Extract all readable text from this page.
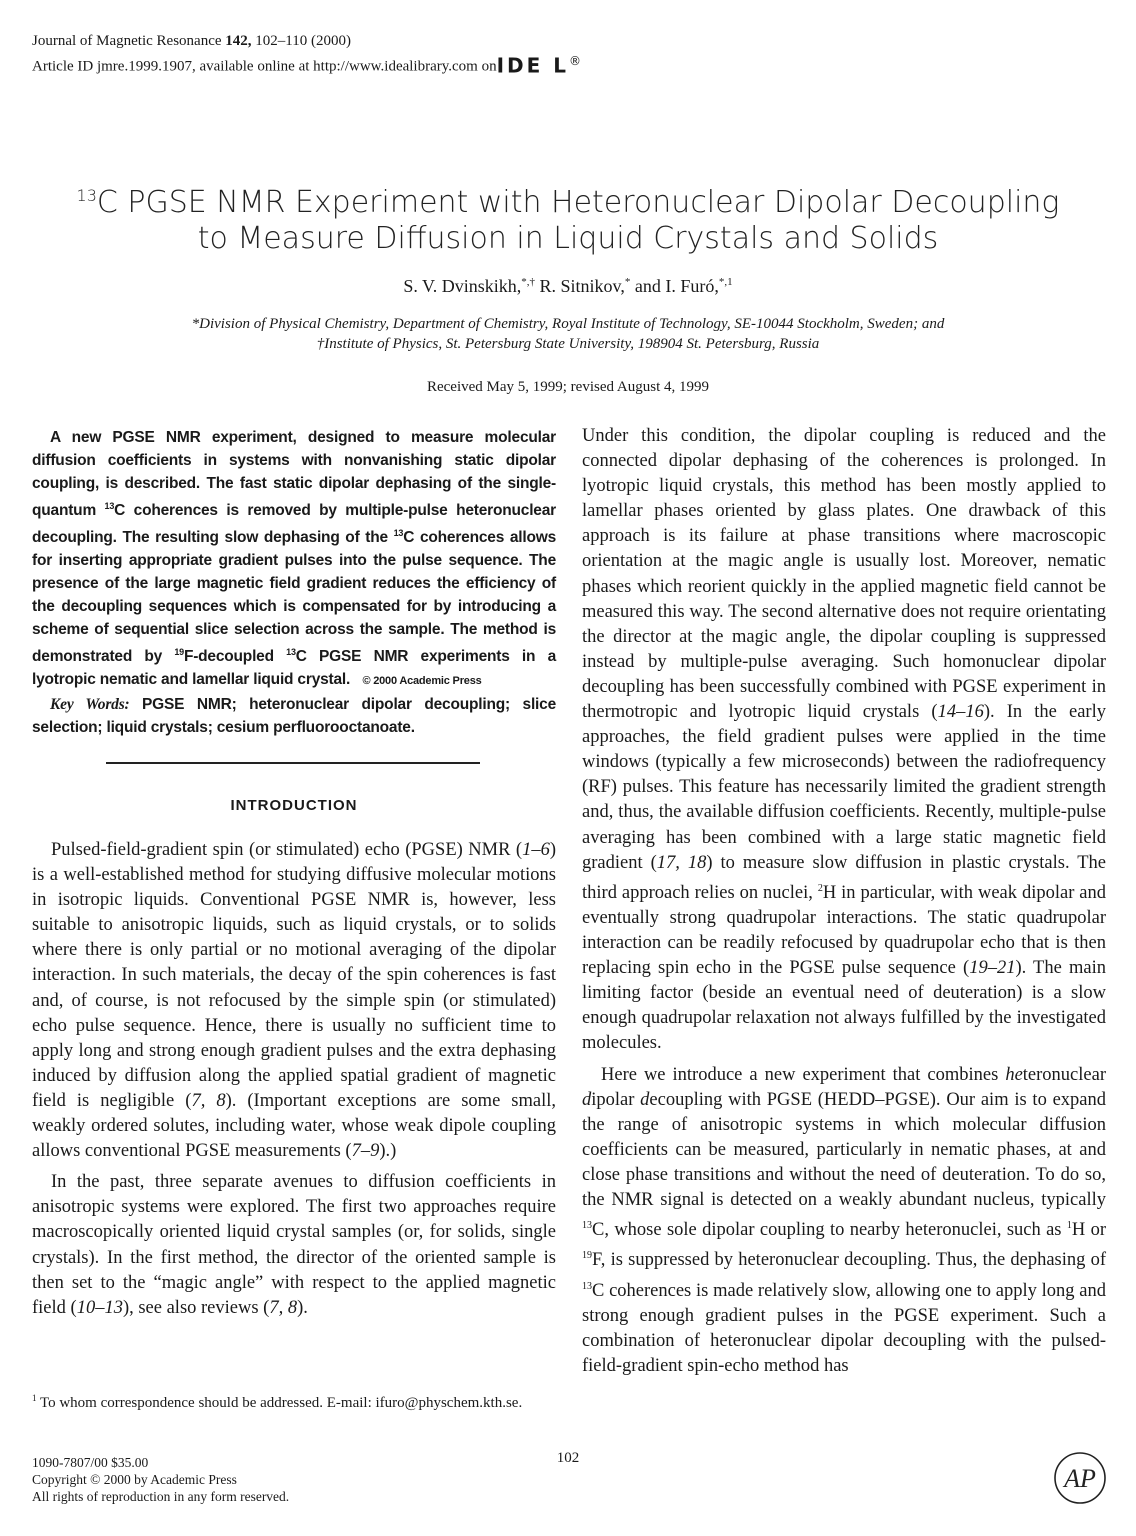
Journal of Magnetic Resonance 142, 102–110 (2000)
Article ID jmre.1999.1907, available online at http://www.idealibrary.com onIDE L®
$^{13}$C PGSE NMR Experiment with Heteronuclear Dipolar Decoupling
to Measure Diffusion in Liquid Crystals and Solids
S. V. Dvinskikh,*,† R. Sitnikov,* and I. Furó,$^{*,1}$
*Division of Physical Chemistry, Department of Chemistry, Royal Institute of Technology, SE-10044 Stockholm, Sweden; and
†Institute of Physics, St. Petersburg State University, 198904 St. Petersburg, Russia
Received May 5, 1999; revised August 4, 1999

A new PGSE NMR experiment, designed to measure molecular diffusion coefficients in systems with nonvanishing static dipolar coupling, is described. The fast static dipolar dephasing of the single-quantum $^{13}$C coherences is removed by multiple-pulse heteronuclear decoupling. The resulting slow dephasing of the $^{13}$C coherences allows for inserting appropriate gradient pulses into the pulse sequence. The presence of the large magnetic field gradient reduces the efficiency of the decoupling sequences which is compensated for by introducing a scheme of sequential slice selection across the sample. The method is demonstrated by $^{19}$F-decoupled $^{13}$C PGSE NMR experiments in a lyotropic nematic and lamellar liquid crystal. © 2000 Academic Press

Key Words: PGSE NMR; heteronuclear dipolar decoupling; slice selection; liquid crystals; cesium perfluorooctanoate.

INTRODUCTION

Pulsed-field-gradient spin (or stimulated) echo (PGSE) NMR (1–6) is a well-established method for studying diffusive molecular motions in isotropic liquids. Conventional PGSE NMR is, however, less suitable to anisotropic liquids, such as liquid crystals, or to solids where there is only partial or no motional averaging of the dipolar interaction. In such materials, the decay of the spin coherences is fast and, of course, is not refocused by the simple spin (or stimulated) echo pulse sequence. Hence, there is usually no sufficient time to apply long and strong enough gradient pulses and the extra dephasing induced by diffusion along the applied spatial gradient of magnetic field is negligible (7, 8). (Important exceptions are some small, weakly ordered solutes, including water, whose weak dipole coupling allows conventional PGSE measurements (7–9).)

In the past, three separate avenues to diffusion coefficients in anisotropic systems were explored. The first two approaches require macroscopically oriented liquid crystal samples (or, for solids, single crystals). In the first method, the director of the oriented sample is then set to the “magic angle” with respect to the applied magnetic field (10–13), see also reviews (7, 8).

Under this condition, the dipolar coupling is reduced and the connected dipolar dephasing of the coherences is prolonged. In lyotropic liquid crystals, this method has been mostly applied to lamellar phases oriented by glass plates. One drawback of this approach is its failure at phase transitions where macroscopic orientation at the magic angle is usually lost. Moreover, nematic phases which reorient quickly in the applied magnetic field cannot be measured this way. The second alternative does not require orientating the director at the magic angle, the dipolar coupling is suppressed instead by multiple-pulse averaging. Such homonuclear dipolar decoupling has been successfully combined with PGSE experiment in thermotropic and lyotropic liquid crystals (14–16). In the early approaches, the field gradient pulses were applied in the time windows (typically a few microseconds) between the radiofrequency (RF) pulses. This feature has necessarily limited the gradient strength and, thus, the available diffusion coefficients. Recently, multiple-pulse averaging has been combined with a large static magnetic field gradient (17, 18) to measure slow diffusion in plastic crystals. The third approach relies on nuclei, $^2$H in particular, with weak dipolar and eventually strong quadrupolar interactions. The static quadrupolar interaction can be readily refocused by quadrupolar echo that is then replacing spin echo in the PGSE pulse sequence (19–21). The main limiting factor (beside an eventual need of deuteration) is a slow enough quadrupolar relaxation not always fulfilled by the investigated molecules.

Here we introduce a new experiment that combines heteronuclear dipolar decoupling with PGSE (HEDD–PGSE). Our aim is to expand the range of anisotropic systems in which molecular diffusion coefficients can be measured, particularly in nematic phases, at and close phase transitions and without the need of deuteration. To do so, the NMR signal is detected on a weakly abundant nucleus, typically $^{13}$C, whose sole dipolar coupling to nearby heteronuclei, such as $^1$H or $^{19}$F, is suppressed by heteronuclear decoupling. Thus, the dephasing of $^{13}$C coherences is made relatively slow, allowing one to apply long and strong enough gradient pulses in the PGSE experiment. Such a combination of heteronuclear dipolar decoupling with the pulsed-field-gradient spin-echo method has

$^1$ To whom correspondence should be addressed. E-mail: ifuro@physchem.kth.se.
102
1090-7807/00 $35.00
Copyright © 2000 by Academic Press
All rights of reproduction in any form reserved.
AP
